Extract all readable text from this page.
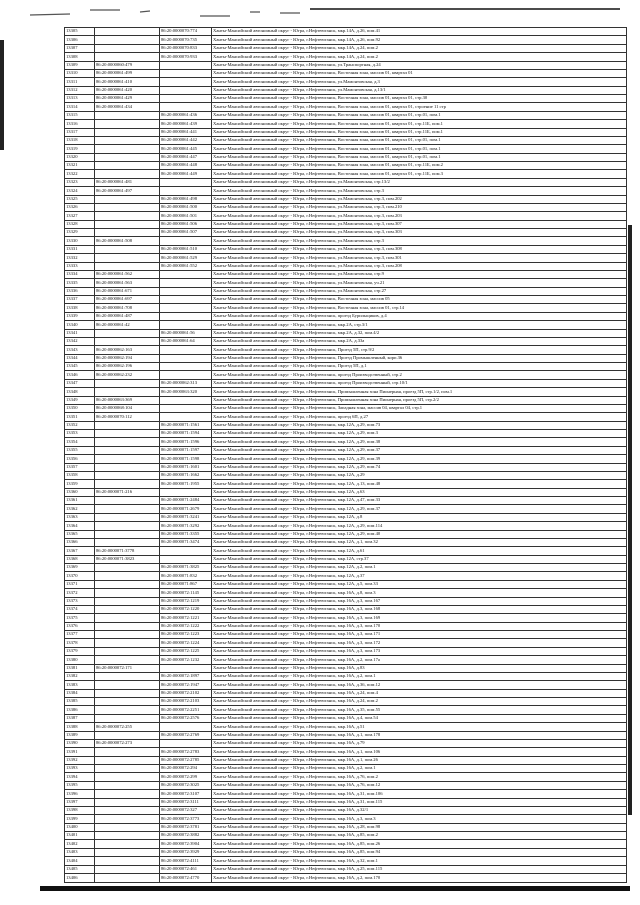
13305		86:20:0000070:774	Ханты-Мансийский автономный округ - Югра, г.Нефтеюганск, мкр.14А, д.26, пом.41
13306		86:20:0000070:735	Ханты-Мансийский автономный округ - Югра, г.Нефтеюганск, мкр.14А, д.26, пом.92
13307		86:20:0000070:833	Ханты-Мансийский автономный округ - Югра, г.Нефтеюганск, мкр.14А, д.24, пом.2
13308		86:20:0000070:933	Ханты-Мансийский автономный округ - Югра, г.Нефтеюганск, мкр.14А, д.24, пом.2
13309	86:20:0000060:479		Ханты-Мансийский автономный округ - Югра, г.Нефтеюганск, ул.Транспортная, д.24
13310	86:20:0000061:499		Ханты-Мансийский автономный округ - Югра, г.Нефтеюганск, Восточная зона, массив 01, квартал 01
13311	86:20:0000061:410		Ханты-Мансийский автономный округ - Югра, г.Нефтеюганск, ул.Мамонтовская, д.3
13312	86:20:0000061:420		Ханты-Мансийский автономный округ - Югра, г.Нефтеюганск, ул.Мамонтовская, д.13/1
13313	86:20:0000061:429		Ханты-Мансийский автономный округ - Югра, г.Нефтеюганск, Восточная зона, массив 01, квартал 01, стр.30
13314	86:20:0000061:434		Ханты-Мансийский автономный округ - Югра, г.Нефтеюганск, Восточная зона, массив 01, квартал 01, строение 11 стр
13315		86:20:0000061:436	Ханты-Мансийский автономный округ - Югра, г.Нефтеюганск, Восточная зона, массив 01, квартал 01, стр.01, пом.1
13316		86:20:0000061:439	Ханты-Мансийский автономный округ - Югра, г.Нефтеюганск, Восточная зона, массив 01, квартал 01, стр.11Б, пом.1
13317		86:20:0000061:441	Ханты-Мансийский автономный округ - Югра, г.Нефтеюганск, Восточная зона, массив 01, квартал 01, стр.11Б, пом.1
13318		86:20:0000061:442	Ханты-Мансийский автономный округ - Югра, г.Нефтеюганск, Восточная зона, массив 01, квартал 01, стр.01, пом.1
13319		86:20:0000061:445	Ханты-Мансийский автономный округ - Югра, г.Нефтеюганск, Восточная зона, массив 01, квартал 01, стр.01, пом.1
13320		86:20:0000061:447	Ханты-Мансийский автономный округ - Югра, г.Нефтеюганск, Восточная зона, массив 01, квартал 01, стр.01, пом.1
13321		86:20:0000061:448	Ханты-Мансийский автономный округ - Югра, г.Нефтеюганск, Восточная зона, массив 01, квартал 01, стр.11Б, пом.2
13322		86:20:0000061:449	Ханты-Мансийский автономный округ - Югра, г.Нефтеюганск, Восточная зона, массив 01, квартал 01, стр.11Б, пом.3
13323	86:20:0000061:481		Ханты-Мансийский автономный округ - Югра, г.Нефтеюганск, ул.Мамонтовская, стр.13/2
13324	86:20:0000061:497		Ханты-Мансийский автономный округ - Югра, г.Нефтеюганск, ул.Мамонтовская, стр.3
13325		86:20:0000061:498	Ханты-Мансийский автономный округ - Югра, г.Нефтеюганск, ул.Мамонтовская, стр.3, пом.202
13326		86:20:0000061:500	Ханты-Мансийский автономный округ - Югра, г.Нефтеюганск, ул.Мамонтовская, стр.3, пом.210
13327		86:20:0000061:501	Ханты-Мансийский автономный округ - Югра, г.Нефтеюганск, ул.Мамонтовская, стр.3, пом.203
13328		86:20:0000061:506	Ханты-Мансийский автономный округ - Югра, г.Нефтеюганск, ул.Мамонтовская, стр.3, пом.307
13329		86:20:0000061:507	Ханты-Мансийский автономный округ - Югра, г.Нефтеюганск, ул.Мамонтовская, стр.3, пом.303
13330	86:20:0000061:508		Ханты-Мансийский автономный округ - Югра, г.Нефтеюганск, ул.Мамонтовская, стр.3
13331		86:20:0000061:510	Ханты-Мансийский автономный округ - Югра, г.Нефтеюганск, ул.Мамонтовская, стр.3, пом.308
13332		86:20:0000061:529	Ханты-Мансийский автономный округ - Югра, г.Нефтеюганск, ул.Мамонтовская, стр.3, пом.301
13333		86:20:0000061:552	Ханты-Мансийский автономный округ - Югра, г.Нефтеюганск, ул.Мамонтовская, стр.3, пом.208
13334	86:20:0000061:562		Ханты-Мансийский автономный округ - Югра, г.Нефтеюганск, ул.Мамонтовская, стр.9
13335	86:20:0000061:563		Ханты-Мансийский автономный округ - Югра, г.Нефтеюганск, ул.Мамонтовская, уч.21
13336	86:20:0000061:671		Ханты-Мансийский автономный округ - Югра, г.Нефтеюганск, ул.Мамонтовская, стр.27
13337	86:20:0000061:697		Ханты-Мансийский автономный округ - Югра, г.Нефтеюганск, Восточная зона, массив 05
13338	86:20:0000061:708		Ханты-Мансийский автономный округ - Югра, г.Нефтеюганск, Восточная зона, массив 01, стр.14
13339	86:20:0000061:487		Ханты-Мансийский автономный округ - Югра, г.Нефтеюганск, проезд Бурильщиков, д.4
13340	86:20:0000061:42		Ханты-Мансийский автономный округ - Югра, г.Нефтеюганск, мкр.2А, стр.3/1
13341		86:20:0000061:56	Ханты-Мансийский автономный округ - Югра, г.Нефтеюганск, мкр.2А, д.32, пом.4/2
13342		86:20:0000061:64	Ханты-Мансийский автономный округ - Югра, г.Нефтеюганск, мкр.2А, д.33а
13343	86:20:0000062:163		Ханты-Мансийский автономный округ - Югра, г.Нефтеюганск, Проезд 5П, стр.9/2
13344	86:20:0000062:194		Ханты-Мансийский автономный округ - Югра, г.Нефтеюганск, Проезд Промышленный, корп.36
13345	86:20:0000062:196		Ханты-Мансийский автономный округ - Югра, г.Нефтеюганск, Проезд 5П, д.1
13346	86:20:0000062:232		Ханты-Мансийский автономный округ - Югра, г.Нефтеюганск, проезд Производственный, стр.2
13347		86:20:0000062:313	Ханты-Мансийский автономный округ - Югра, г.Нефтеюганск, проезд Производственный, стр.10/1
13348		86:20:0000063:320	Ханты-Мансийский автономный округ - Югра, г.Нефтеюганск, Промышленная зона Пионерная, проезд 5П, стр.1/2, пом.1
13349	86:20:0000063:369		Ханты-Мансийский автономный округ - Югра, г.Нефтеюганск, Промышленная зона Пионерная, проезд 5П, стр.2/2
13350	86:20:0000068:104		Ханты-Мансийский автономный округ - Югра, г.Нефтеюганск, Западная зона, массив 04, квартал 04, стр.1
13351	86:20:0000070:112		Ханты-Мансийский автономный округ - Югра, г.Нефтеюганск, проезд 6П, д.27
13352		86:20:0000071:1561	Ханты-Мансийский автономный округ - Югра, г.Нефтеюганск, мкр.12А, д.29, пом.73
13353		86:20:0000071:1594	Ханты-Мансийский автономный округ - Югра, г.Нефтеюганск, мкр.12А, д.29, пом.3
13354		86:20:0000071:1596	Ханты-Мансийский автономный округ - Югра, г.Нефтеюганск, мкр.12А, д.29, пом.38
13355		86:20:0000071:1597	Ханты-Мансийский автономный округ - Югра, г.Нефтеюганск, мкр.12А, д.29, пом.37
13356		86:20:0000071:1598	Ханты-Мансийский автономный округ - Югра, г.Нефтеюганск, мкр.12А, д.29, пом.39
13357		86:20:0000071:1601	Ханты-Мансийский автономный округ - Югра, г.Нефтеюганск, мкр.12А, д.29, пом.74
13358		86:20:0000071:1662	Ханты-Мансийский автономный округ - Югра, г.Нефтеюганск, мкр.12А, д.29
13359		86:20:0000071:1955	Ханты-Мансийский автономный округ - Югра, г.Нефтеюганск, мкр.12А, д.13, пом.48
13360	86:20:0000071:216		Ханты-Мансийский автономный округ - Югра, г.Нефтеюганск, мкр.12А, д.63
13361		86:20:0000071:2484	Ханты-Мансийский автономный округ - Югра, г.Нефтеюганск, мкр.12А, д.47, пом.33
13362		86:20:0000071:2679	Ханты-Мансийский автономный округ - Югра, г.Нефтеюганск, мкр.12А, д.29, пом.37
13363		86:20:0000071:3241	Ханты-Мансийский автономный округ - Югра, г.Нефтеюганск, мкр.12А, д.8
13364		86:20:0000071:3292	Ханты-Мансийский автономный округ - Югра, г.Нефтеюганск, мкр.12А, д.29, пом.114
13365		86:20:0000071:3355	Ханты-Мансийский автономный округ - Югра, г.Нефтеюганск, мкр.12А, д.29, пом.40
13366		86:20:0000071:3474	Ханты-Мансийский автономный округ - Югра, г.Нефтеюганск, мкр.12А, д.1, пом.32
13367	86:20:0000071:3778		Ханты-Мансийский автономный округ - Югра, г.Нефтеюганск, мкр.12А, д.61
13368	86:20:0000071:3823		Ханты-Мансийский автономный округ - Югра, г.Нефтеюганск, мкр.12А, стр.37
13369		86:20:0000071:3825	Ханты-Мансийский автономный округ - Югра, г.Нефтеюганск, мкр.12А, д.2, пом.1
13370		86:20:0000071:832	Ханты-Мансийский автономный округ - Югра, г.Нефтеюганск, мкр.12А, д.37
13371		86:20:0000071:867	Ханты-Мансийский автономный округ - Югра, г.Нефтеюганск, мкр.12А, д.5, пом.33
13372		86:20:0000072:1145	Ханты-Мансийский автономный округ - Югра, г.Нефтеюганск, мкр.16А, д.8, пом.3
13373		86:20:0000072:1219	Ханты-Мансийский автономный округ - Югра, г.Нефтеюганск, мкр.16А, д.3, пом.167
13374		86:20:0000072:1220	Ханты-Мансийский автономный округ - Югра, г.Нефтеюганск, мкр.16А, д.3, пом.168
13375		86:20:0000072:1221	Ханты-Мансийский автономный округ - Югра, г.Нефтеюганск, мкр.16А, д.3, пом.169
13376		86:20:0000072:1222	Ханты-Мансийский автономный округ - Югра, г.Нефтеюганск, мкр.16А, д.3, пом.170
13377		86:20:0000072:1223	Ханты-Мансийский автономный округ - Югра, г.Нефтеюганск, мкр.16А, д.3, пом.171
13378		86:20:0000072:1224	Ханты-Мансийский автономный округ - Югра, г.Нефтеюганск, мкр.16А, д.3, пом.172
13379		86:20:0000072:1225	Ханты-Мансийский автономный округ - Югра, г.Нефтеюганск, мкр.16А, д.3, пом.173
13380		86:20:0000072:1232	Ханты-Мансийский автономный округ - Югра, г.Нефтеюганск, мкр.16А, д.2, пом.17а
13381	86:20:0000072:171		Ханты-Мансийский автономный округ - Югра, г.Нефтеюганск, мкр.16А, д.83
13382		86:20:0000072:1897	Ханты-Мансийский автономный округ - Югра, г.Нефтеюганск, мкр.16А, д.2, пом.1
13383		86:20:0000072:1947	Ханты-Мансийский автономный округ - Югра, г.Нефтеюганск, мкр.16А, д.36, пом.12
13384		86:20:0000072:2102	Ханты-Мансийский автономный округ - Югра, г.Нефтеюганск, мкр.16А, д.24, пом.4
13385		86:20:0000072:2103	Ханты-Мансийский автономный округ - Югра, г.Нефтеюганск, мкр.16А, д.24, пом.2
13386		86:20:0000072:2251	Ханты-Мансийский автономный округ - Югра, г.Нефтеюганск, мкр.16А, д.35, пом.55
13387		86:20:0000072:2576	Ханты-Мансийский автономный округ - Югра, г.Нефтеюганск, мкр.16А, д.4, пом.54
13388	86:20:0000072:255		Ханты-Мансийский автономный округ - Югра, г.Нефтеюганск, мкр.16А, д.51
13389		86:20:0000072:2769	Ханты-Мансийский автономный округ - Югра, г.Нефтеюганск, мкр.16А, д.1, пом.178
13390	86:20:0000072:273		Ханты-Мансийский автономный округ - Югра, г.Нефтеюганск, мкр.16А, д.79
13391		86:20:0000072:2783	Ханты-Мансийский автономный округ - Югра, г.Нефтеюганск, мкр.16А, д.1, пом.106
13392		86:20:0000072:2785	Ханты-Мансийский автономный округ - Югра, г.Нефтеюганск, мкр.16А, д.1, пом.26
13393		86:20:0000072:294	Ханты-Мансийский автономный округ - Югра, г.Нефтеюганск, мкр.16А, д.2, пом.1
13394		86:20:0000072:299	Ханты-Мансийский автономный округ - Югра, г.Нефтеюганск, мкр.16А, д.76, пом.2
13395		86:20:0000072:3025	Ханты-Мансийский автономный округ - Югра, г.Нефтеюганск, мкр.16А, д.76, пом.12
13396		86:20:0000072:3107	Ханты-Мансийский автономный округ - Югра, г.Нефтеюганск, мкр.16А, д.31, пом.106
13397		86:20:0000072:3111	Ханты-Мансийский автономный округ - Югра, г.Нефтеюганск, мкр.16А, д.31, пом.115
13398		86:20:0000072:327	Ханты-Мансийский автономный округ - Югра, г.Нефтеюганск, мкр.16А, д.32/1
13399		86:20:0000072:3773	Ханты-Мансийский автономный округ - Югра, г.Нефтеюганск, мкр.16А, д.3, пом.3
13400		86:20:0000072:3781	Ханты-Мансийский автономный округ - Югра, г.Нефтеюганск, мкр.16А, д.28, пом.98
13401		86:20:0000072:3882	Ханты-Мансийский автономный округ - Югра, г.Нефтеюганск, мкр.16А, д.85, пом.2
13402		86:20:0000072:3904	Ханты-Мансийский автономный округ - Югра, г.Нефтеюганск, мкр.16А, д.85, пом.26
13403		86:20:0000072:3929	Ханты-Мансийский автономный округ - Югра, г.Нефтеюганск, мкр.16А, д.85, пом.94
13404		86:20:0000072:4111	Ханты-Мансийский автономный округ - Югра, г.Нефтеюганск, мкр.16А, д.32, пом.1
13405		86:20:0000072:461	Ханты-Мансийский автономный округ - Югра, г.Нефтеюганск, мкр.16А, д.25, пом.115
13406		86:20:0000072:4770	Ханты-Мансийский автономный округ - Югра, г.Нефтеюганск, мкр.16А, д.2, пом.170
